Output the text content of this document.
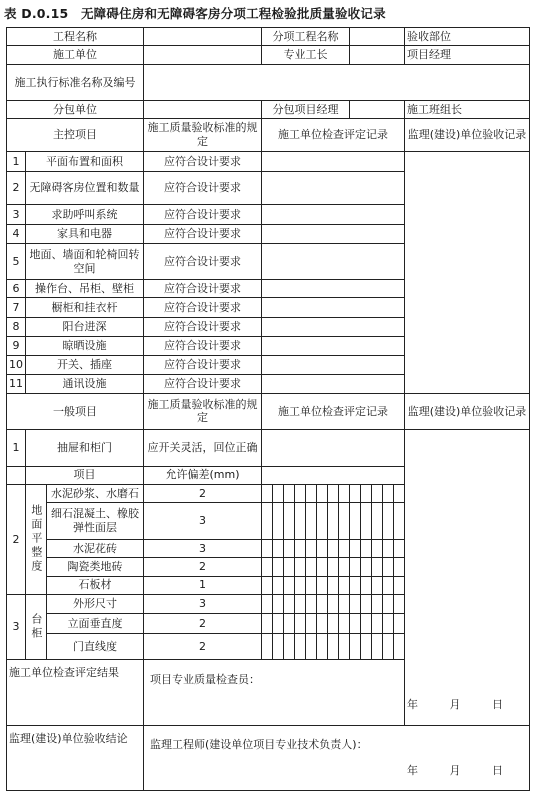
表 D.0.15 无障碍住房和无障碍客房分项工程检验批质量验收记录
工程名称				分项工程名称													验收部位
施工单位				专业工长													项目经理
施工执行标准名称及编号																	
分包单位				分包项目经理													施工班组长
主控项目			施工质量验收标准的规定	施工单位检查评定记录													监理(建设)单位验收记录
1	平面布置和面积		应符合设计要求														
2	无障碍客房位置和数量		应符合设计要求														
3	求助呼叫系统		应符合设计要求														
4	家具和电器		应符合设计要求														
5	地面、墙面和轮椅回转空间		应符合设计要求														
6	操作台、吊柜、壁柜		应符合设计要求														
7	橱柜和挂衣杆		应符合设计要求														
8	阳台进深		应符合设计要求														
9	晾晒设施		应符合设计要求														
10	开关、插座		应符合设计要求														
11	通讯设施		应符合设计要求														
一般项目			施工质量验收标准的规定	施工单位检查评定记录													监理(建设)单位验收记录
1	抽屉和柜门		应开关灵活，回位正确														
	项目		允许偏差(mm)														
2	地面平整度	水泥砂浆、水磨石	2														
		细石混凝土、橡胶弹性面层	3														
		水泥花砖	3														
		陶瓷类地砖	2														
		石板材	1														
3	台柜	外形尺寸	3														
		立面垂直度	2														
		门直线度	2														
施工单位检查评定结果			项目专业质量检查员：
年 月 日														

监理(建设)单位验收结论			监理工程师(建设单位项目专业技术负责人)：
年 月 日														
